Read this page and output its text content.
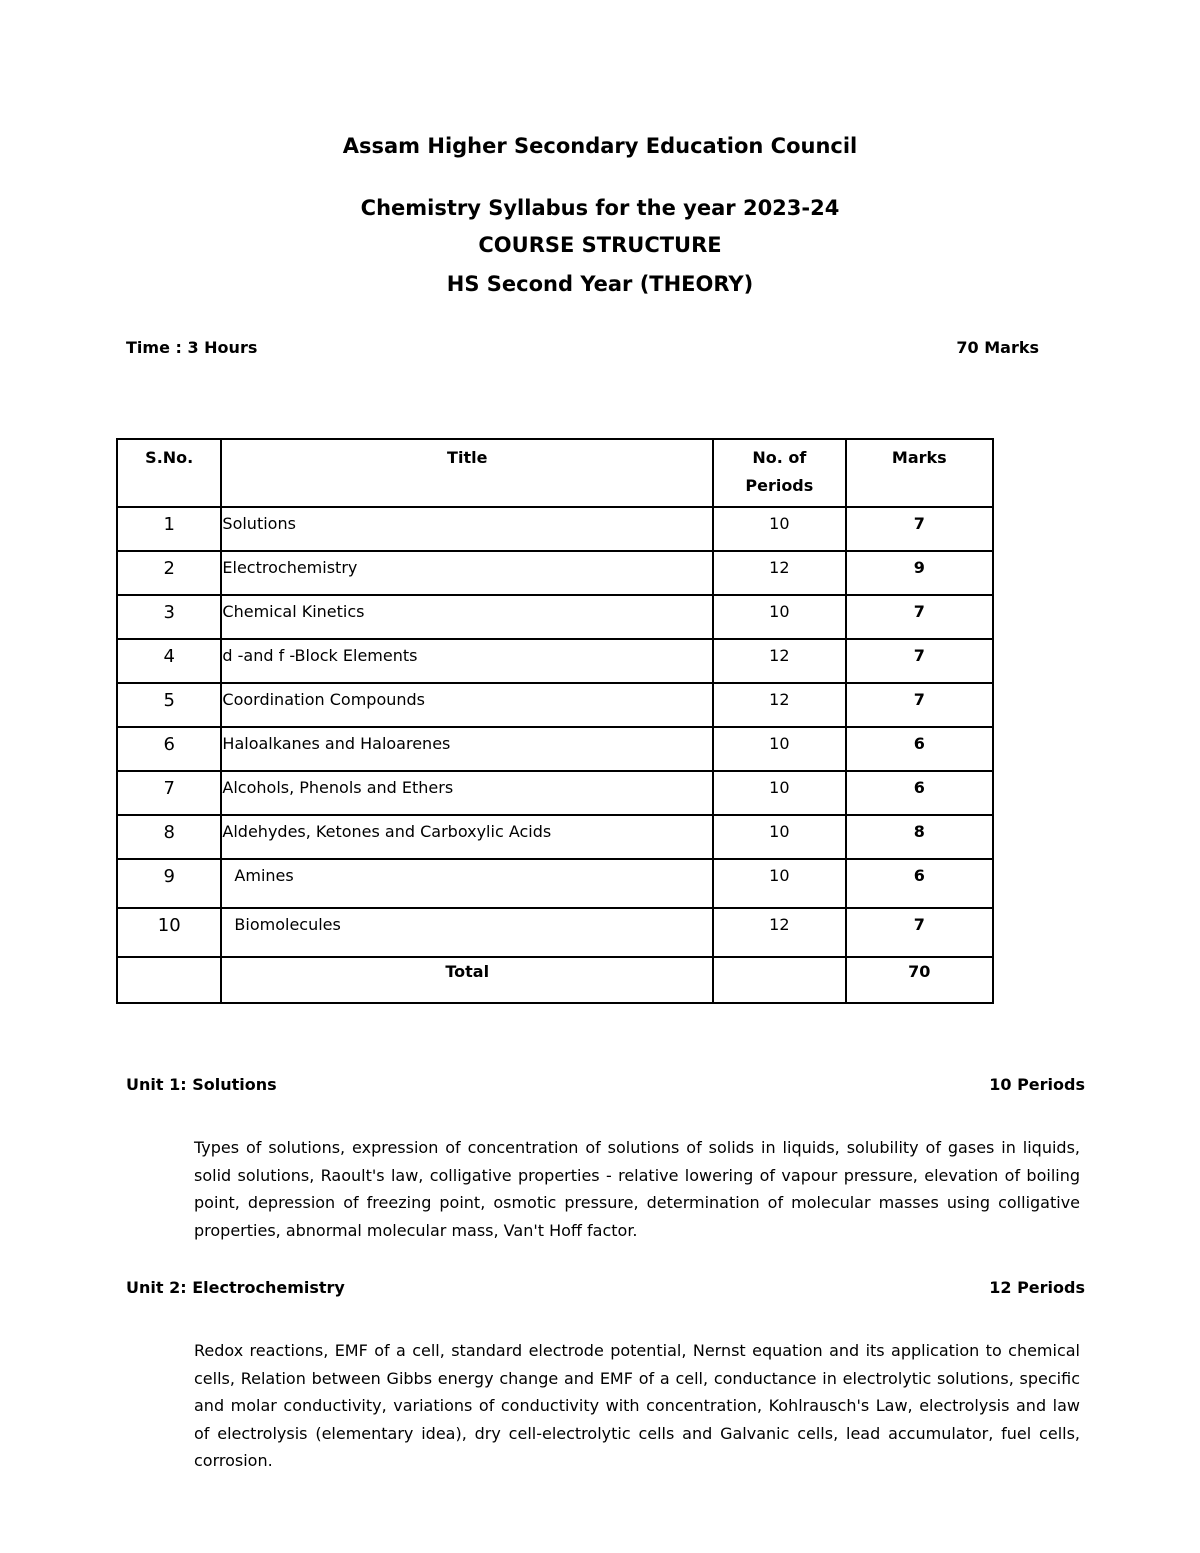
Assam Higher Secondary Education Council
Chemistry Syllabus for the year 2023-24
COURSE STRUCTURE
HS Second Year (THEORY)
Time : 3 Hours	70 Marks
S.No.	Title	No. of Periods	Marks
1	Solutions	10	7
2	Electrochemistry	12	9
3	Chemical Kinetics	10	7
4	d -and f -Block Elements	12	7
5	Coordination Compounds	12	7
6	Haloalkanes and Haloarenes	10	6
7	Alcohols, Phenols and Ethers	10	6
8	Aldehydes, Ketones and Carboxylic Acids	10	8
9	Amines	10	6
10	Biomolecules	12	7
	Total		70
Unit 1: Solutions	10 Periods
Types of solutions, expression of concentration of solutions of solids in liquids, solubility of gases in liquids, solid solutions, Raoult's law, colligative properties - relative lowering of vapour pressure, elevation of boiling point, depression of freezing point, osmotic pressure, determination of molecular masses using colligative properties, abnormal molecular mass, Van't Hoff factor.
Unit 2: Electrochemistry	12 Periods
Redox reactions, EMF of a cell, standard electrode potential, Nernst equation and its application to chemical cells, Relation between Gibbs energy change and EMF of a cell, conductance in electrolytic solutions, specific and molar conductivity, variations of conductivity with concentration, Kohlrausch's Law, electrolysis and law of electrolysis (elementary idea), dry cell-electrolytic cells and Galvanic cells, lead accumulator, fuel cells, corrosion.
